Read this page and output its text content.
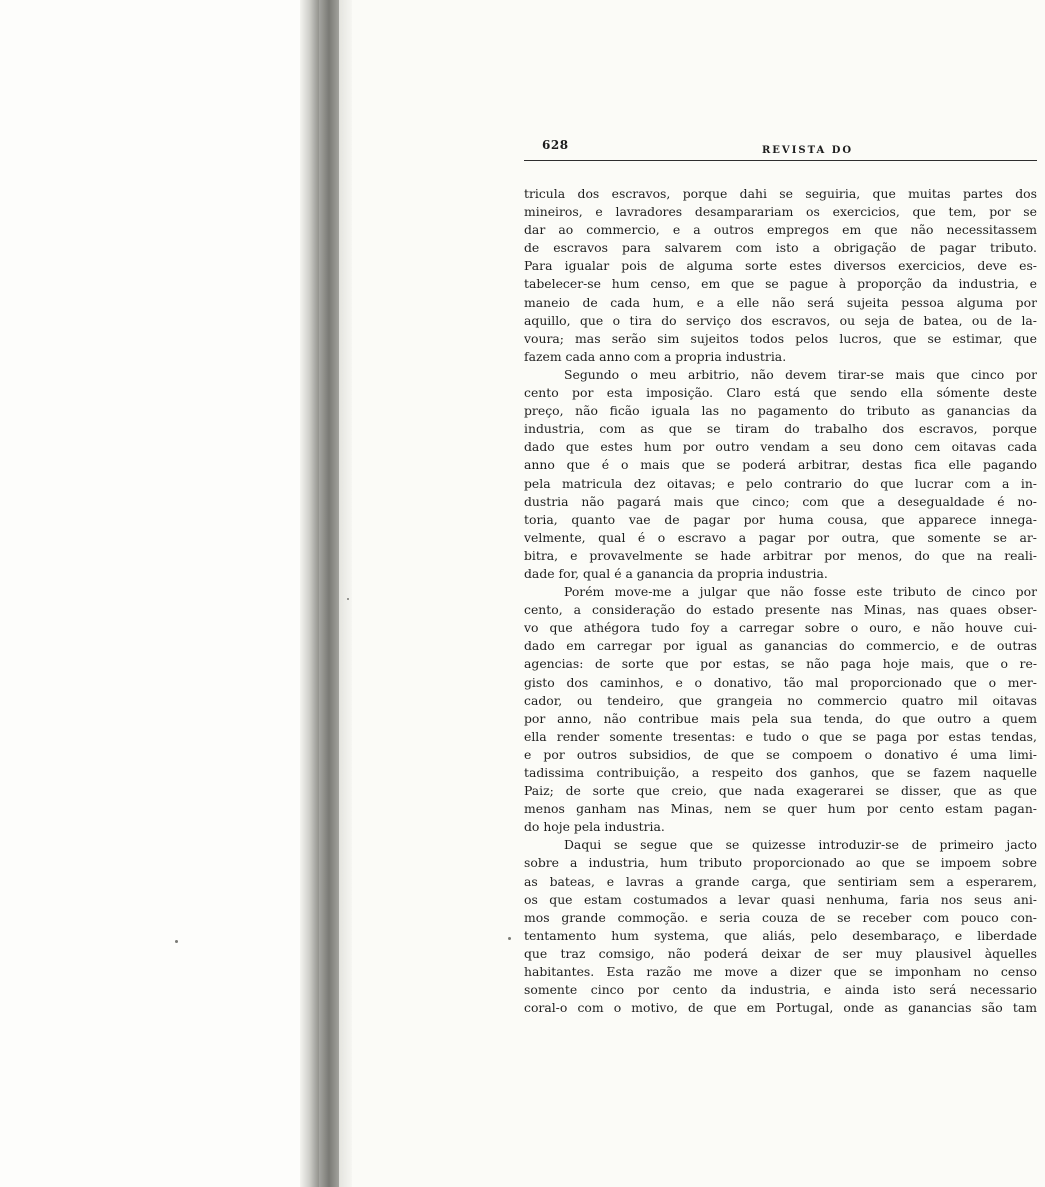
628	REVISTA DO
tricula dos escravos, porque dahi se seguiria, que muitas partes dos
mineiros, e lavradores desamparariam os exercicios, que tem, por se
dar ao commercio, e a outros empregos em que não necessitassem
de escravos para salvarem com isto a obrigação de pagar tributo.
Para igualar pois de alguma sorte estes diversos exercicios, deve es-
tabelecer-se hum censo, em que se pague à proporção da industria, e
maneio de cada hum, e a elle não será sujeita pessoa alguma por
aquillo, que o tira do serviço dos escravos, ou seja de batea, ou de la-
voura; mas serão sim sujeitos todos pelos lucros, que se estimar, que
fazem cada anno com a propria industria.
Segundo o meu arbitrio, não devem tirar-se mais que cinco por
cento por esta imposição. Claro está que sendo ella sómente deste
preço, não ficão iguala las no pagamento do tributo as ganancias da
industria, com as que se tiram do trabalho dos escravos, porque
dado que estes hum por outro vendam a seu dono cem oitavas cada
anno que é o mais que se poderá arbitrar, destas fica elle pagando
pela matricula dez oitavas; e pelo contrario do que lucrar com a in-
dustria não pagará mais que cinco; com que a desegualdade é no-
toria, quanto vae de pagar por huma cousa, que apparece innega-
velmente, qual é o escravo a pagar por outra, que somente se ar-
bitra, e provavelmente se hade arbitrar por menos, do que na reali-
dade for, qual é a ganancia da propria industria.
Porém move-me a julgar que não fosse este tributo de cinco por
cento, a consideração do estado presente nas Minas, nas quaes obser-
vo que athégora tudo foy a carregar sobre o ouro, e não houve cui-
dado em carregar por igual as ganancias do commercio, e de outras
agencias: de sorte que por estas, se não paga hoje mais, que o re-
gisto dos caminhos, e o donativo, tão mal proporcionado que o mer-
cador, ou tendeiro, que grangeia no commercio quatro mil oitavas
por anno, não contribue mais pela sua tenda, do que outro a quem
ella render somente tresentas: e tudo o que se paga por estas tendas,
e por outros subsidios, de que se compoem o donativo é uma limi-
tadissima contribuição, a respeito dos ganhos, que se fazem naquelle
Paiz; de sorte que creio, que nada exagerarei se disser, que as que
menos ganham nas Minas, nem se quer hum por cento estam pagan-
do hoje pela industria.
Daqui se segue que se quizesse introduzir-se de primeiro jacto
sobre a industria, hum tributo proporcionado ao que se impoem sobre
as bateas, e lavras a grande carga, que sentiriam sem a esperarem,
os que estam costumados a levar quasi nenhuma, faria nos seus ani-
mos grande commoção. e seria couza de se receber com pouco con-
tentamento hum systema, que aliás, pelo desembaraço, e liberdade
que traz comsigo, não poderá deixar de ser muy plausivel àquelles
habitantes. Esta razão me move a dizer que se imponham no censo
somente cinco por cento da industria, e ainda isto será necessario
coral-o com o motivo, de que em Portugal, onde as ganancias são tam
